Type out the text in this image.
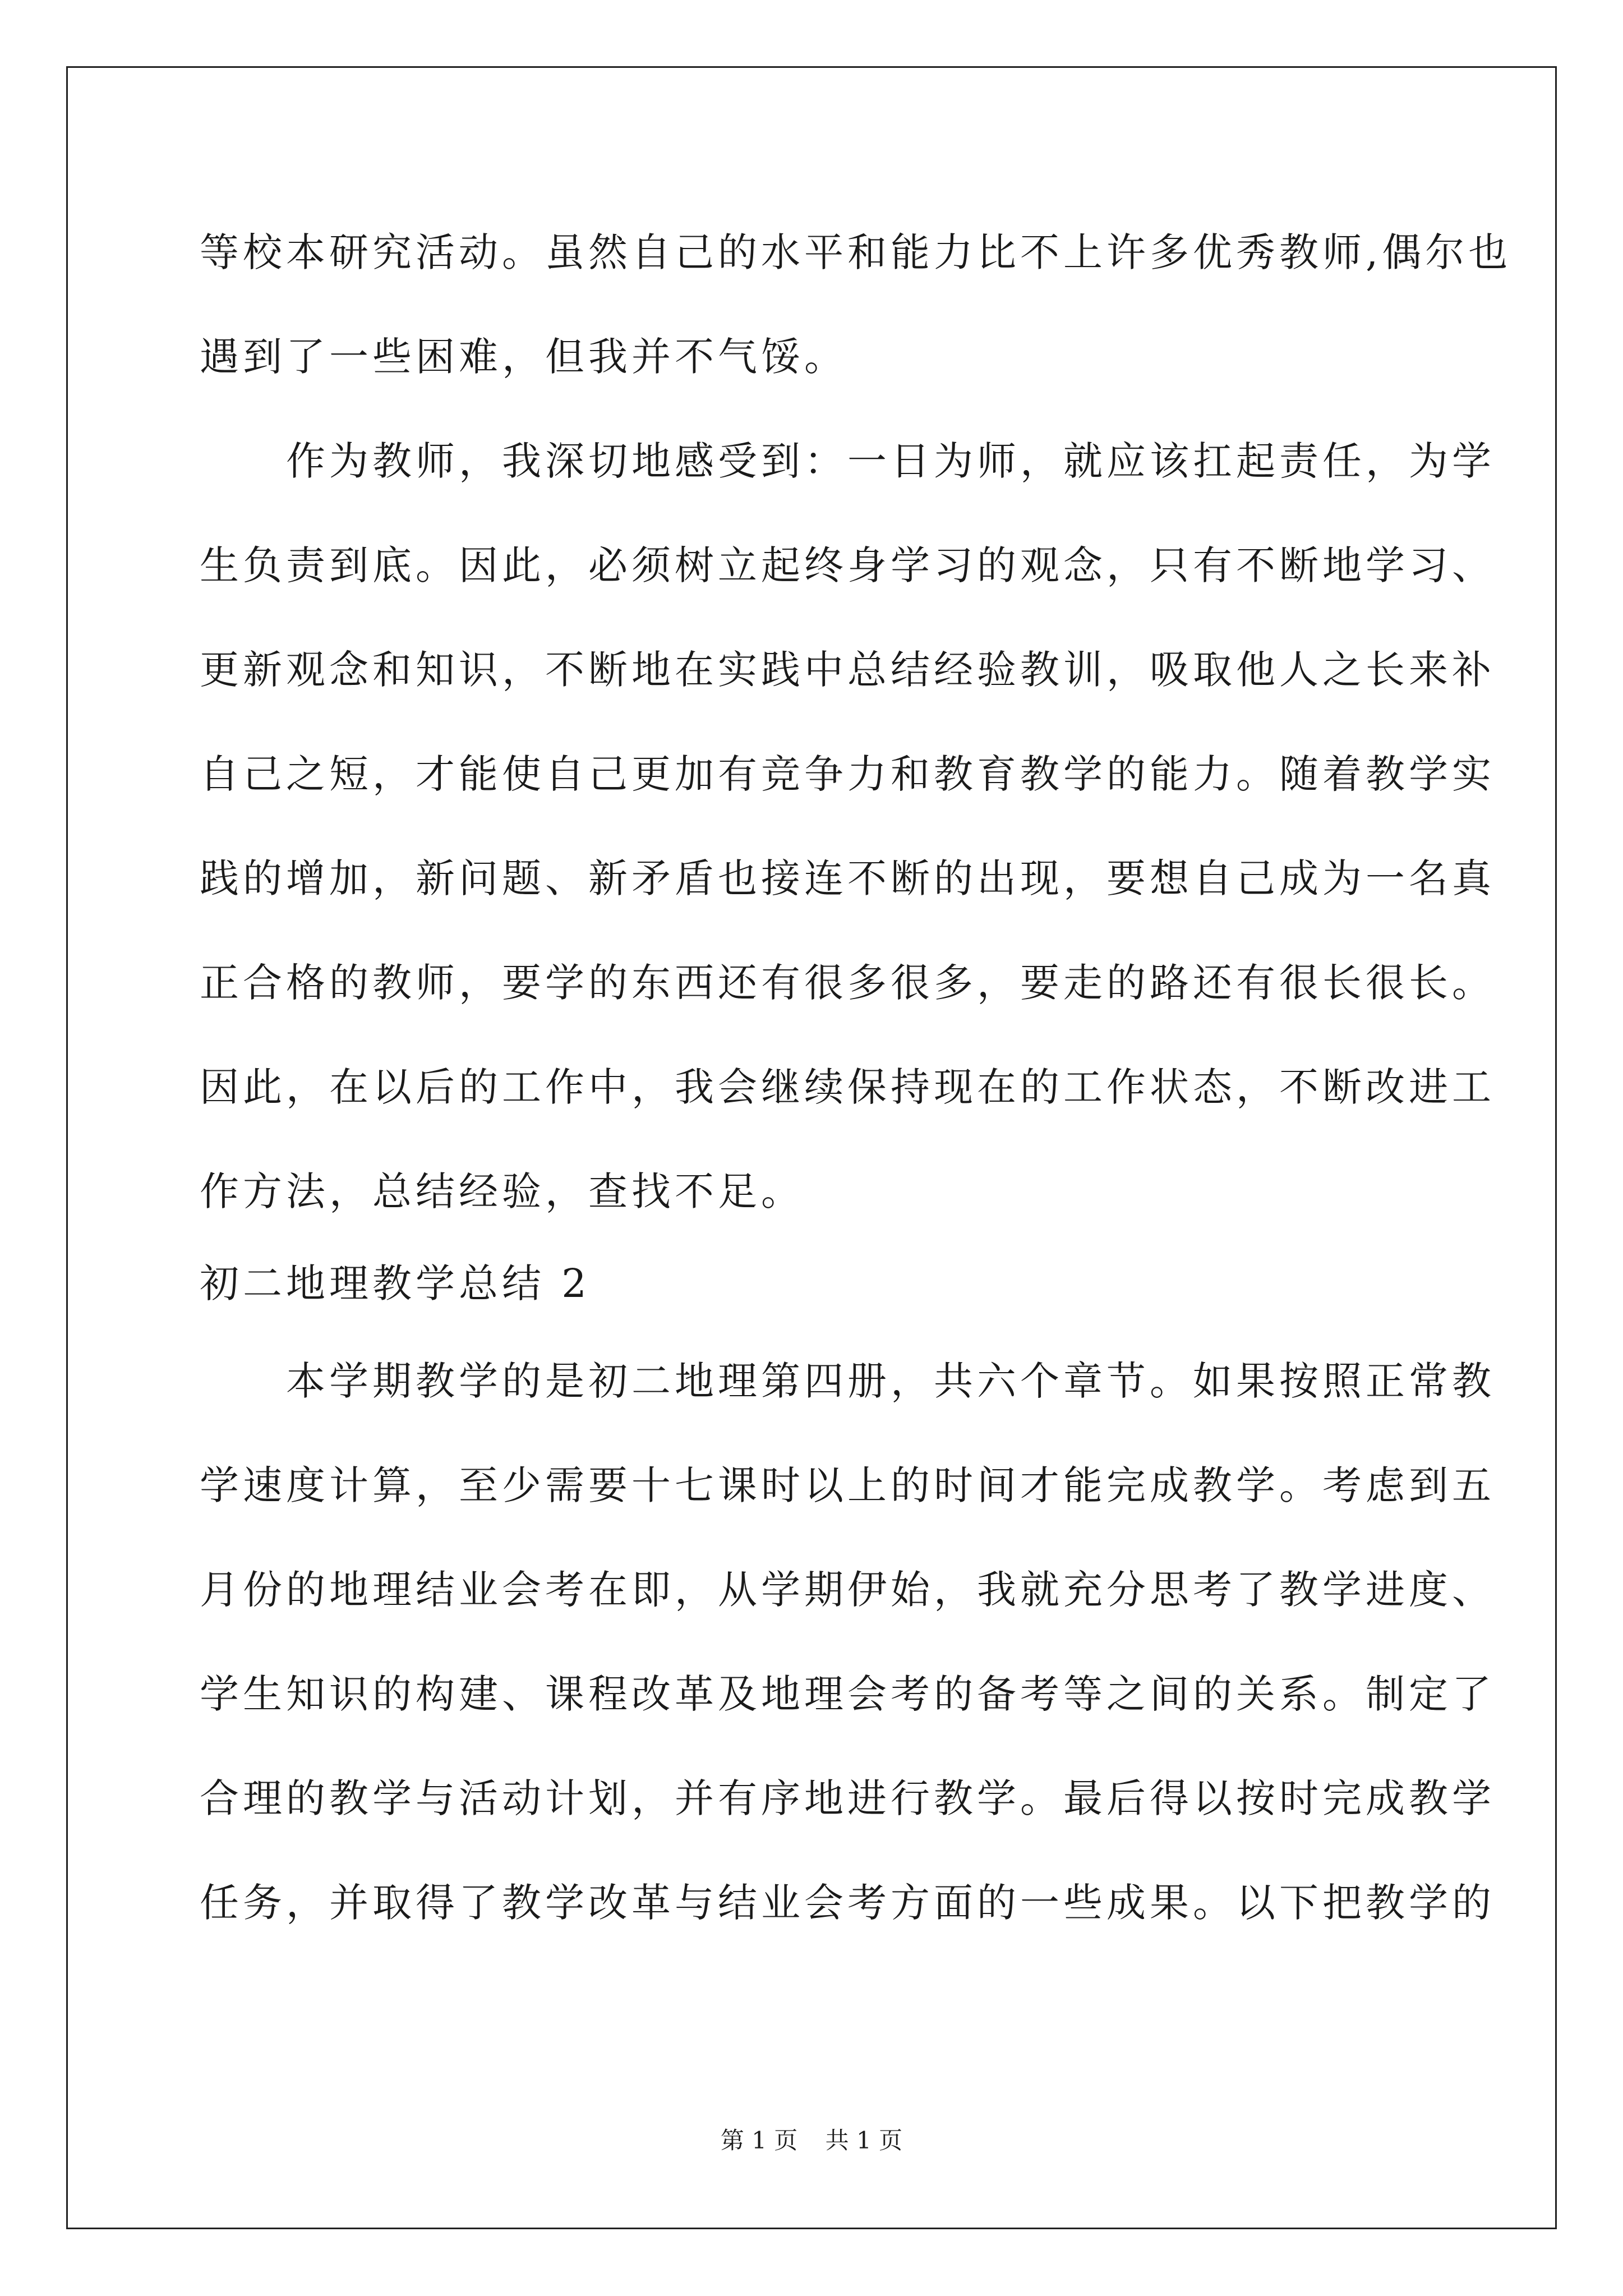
等校本研究活动。虽然自己的水平和能力比不上许多优秀教师,偶尔也
遇到了一些困难，但我并不气馁。
　　作为教师，我深切地感受到：一日为师，就应该扛起责任，为学
生负责到底。因此，必须树立起终身学习的观念，只有不断地学习、
更新观念和知识，不断地在实践中总结经验教训，吸取他人之长来补
自己之短，才能使自己更加有竞争力和教育教学的能力。随着教学实
践的增加，新问题、新矛盾也接连不断的出现，要想自己成为一名真
正合格的教师，要学的东西还有很多很多，要走的路还有很长很长。
因此，在以后的工作中，我会继续保持现在的工作状态，不断改进工
作方法，总结经验，查找不足。
初二地理教学总结 2
　　本学期教学的是初二地理第四册，共六个章节。如果按照正常教
学速度计算，至少需要十七课时以上的时间才能完成教学。考虑到五
月份的地理结业会考在即，从学期伊始，我就充分思考了教学进度、
学生知识的构建、课程改革及地理会考的备考等之间的关系。制定了
合理的教学与活动计划，并有序地进行教学。最后得以按时完成教学
任务，并取得了教学改革与结业会考方面的一些成果。以下把教学的
第 1 页 共 1 页
